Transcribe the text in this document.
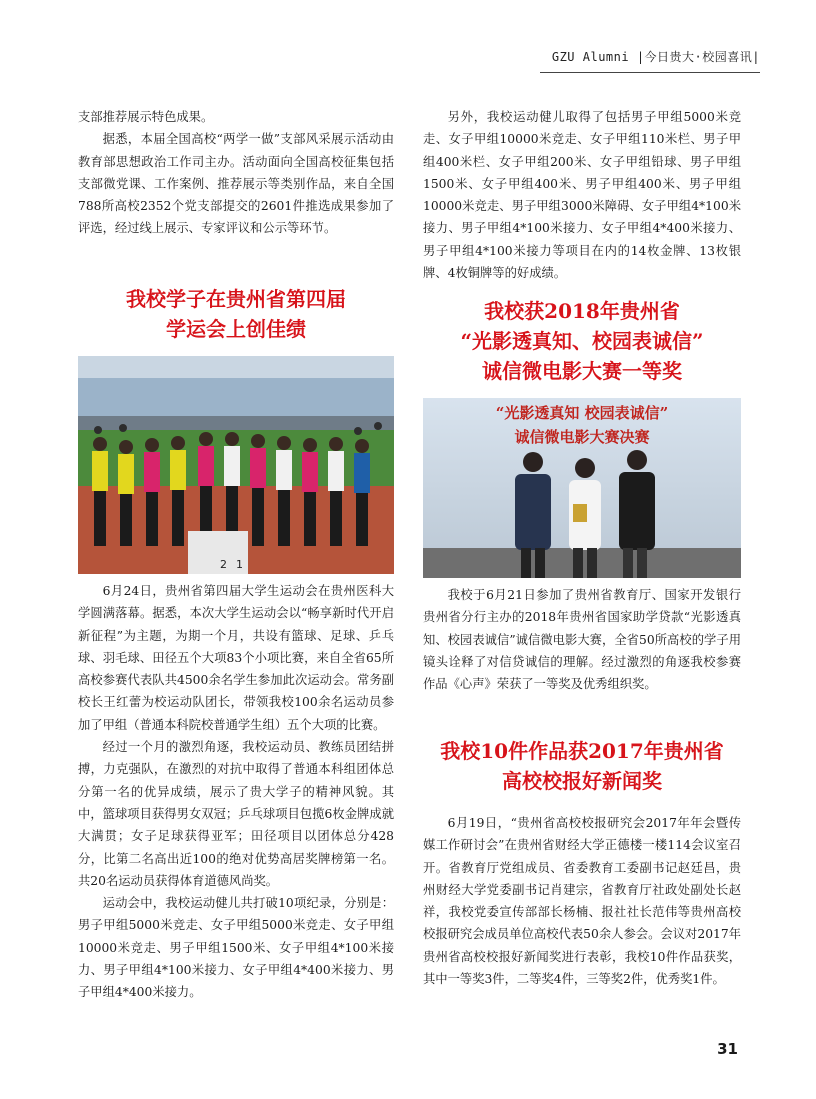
GZU Alumni |今日贵大·校园喜讯|

支部推荐展示特色成果。

据悉，本届全国高校“两学一做”支部风采展示活动由教育部思想政治工作司主办。活动面向全国高校征集包括支部微党课、工作案例、推荐展示等类别作品，来自全国788所高校2352个党支部提交的2601件推选成果参加了评选，经过线上展示、专家评议和公示等环节。

我校学子在贵州省第四届
学运会上创佳绩
2 1

6月24日，贵州省第四届大学生运动会在贵州医科大学圆满落幕。据悉，本次大学生运动会以“畅享新时代开启新征程”为主题，为期一个月，共设有篮球、足球、乒乓球、羽毛球、田径五个大项83个小项比赛，来自全省65所高校参赛代表队共4500余名学生参加此次运动会。常务副校长王红蕾为校运动队团长，带领我校100余名运动员参加了甲组（普通本科院校普通学生组）五个大项的比赛。

经过一个月的激烈角逐，我校运动员、教练员团结拼搏，力克强队，在激烈的对抗中取得了普通本科组团体总分第一名的优异成绩，展示了贵大学子的精神风貌。其中，篮球项目获得男女双冠；乒乓球项目包揽6枚金牌成就大满贯；女子足球获得亚军；田径项目以团体总分428分，比第二名高出近100的绝对优势高居奖牌榜第一名。共20名运动员获得体育道德风尚奖。

运动会中，我校运动健儿共打破10项纪录，分别是：男子甲组5000米竞走、女子甲组5000米竞走、女子甲组10000米竞走、男子甲组1500米、女子甲组4*100米接力、男子甲组4*100米接力、女子甲组4*400米接力、男子甲组4*400米接力。

另外，我校运动健儿取得了包括男子甲组5000米竞走、女子甲组10000米竞走、女子甲组110米栏、男子甲组400米栏、女子甲组200米、女子甲组铅球、男子甲组1500米、女子甲组400米、男子甲组400米、男子甲组10000米竞走、男子甲组3000米障碍、女子甲组4*100米接力、男子甲组4*100米接力、女子甲组4*400米接力、男子甲组4*100米接力等项目在内的14枚金牌、13枚银牌、4枚铜牌等的好成绩。

我校获2018年贵州省
“光影透真知、校园表诚信”
诚信微电影大赛一等奖
“光影透真知 校园表诚信”
诚信微电影大赛决赛

我校于6月21日参加了贵州省教育厅、国家开发银行贵州省分行主办的2018年贵州省国家助学贷款“光影透真知、校园表诚信”诚信微电影大赛，全省50所高校的学子用镜头诠释了对信贷诚信的理解。经过激烈的角逐我校参赛作品《心声》荣获了一等奖及优秀组织奖。

我校10件作品获2017年贵州省
高校校报好新闻奖

6月19日，“贵州省高校校报研究会2017年年会暨传媒工作研讨会”在贵州省财经大学正德楼一楼114会议室召开。省教育厅党组成员、省委教育工委副书记赵廷昌，贵州财经大学党委副书记肖建宗，省教育厅社政处副处长赵祥，我校党委宣传部部长杨楠、报社社长范伟等贵州高校校报研究会成员单位高校代表50余人参会。会议对2017年贵州省高校校报好新闻奖进行表彰，我校10件作品获奖，其中一等奖3件，二等奖4件，三等奖2件，优秀奖1件。

31
